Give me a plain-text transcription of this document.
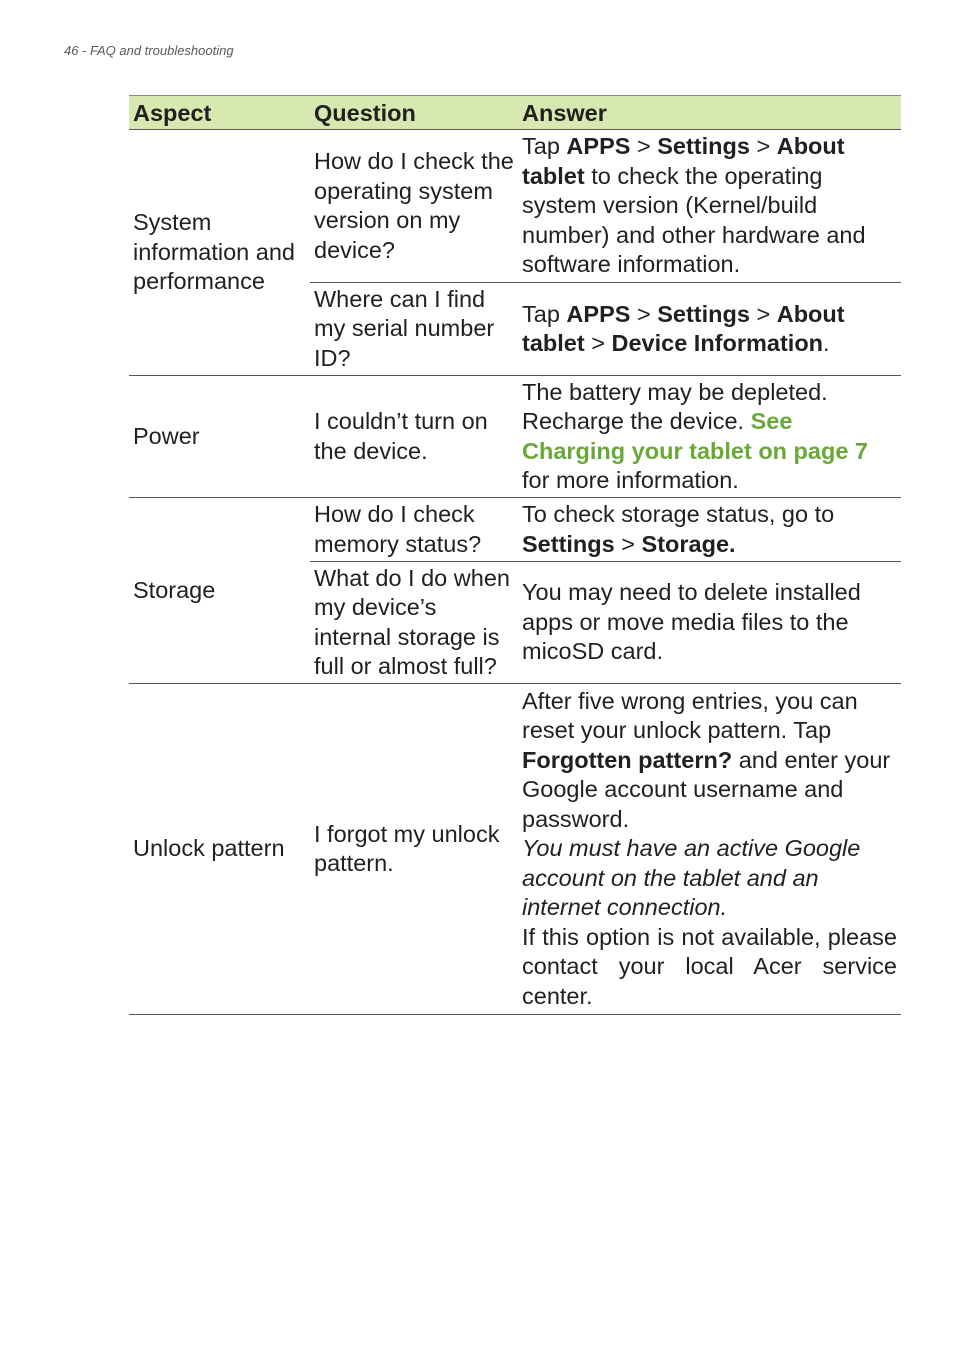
46 - FAQ and troubleshooting
Aspect	Question	Answer
System information and performance	How do I check the operating system version on my device?	Tap APPS > Settings > About tablet to check the operating system version (Kernel/build number) and other hardware and software information.
	Where can I find my serial number ID?	Tap APPS > Settings > About tablet > Device Information.
Power	I couldn’t turn on the device.	The battery may be depleted. Recharge the device. See Charging your tablet on page 7 for more information.
Storage	How do I check memory status?	To check storage status, go to Settings > Storage.
	What do I do when my device’s internal storage is full or almost full?	You may need to delete installed apps or move media files to the micoSD card.
Unlock pattern	I forgot my unlock pattern.	After five wrong entries, you can reset your unlock pattern. Tap Forgotten pattern? and enter your Google account username and password.
You must have an active Google account on the tablet and an internet connection.
If this option is not available, please contact your local Acer service center.
